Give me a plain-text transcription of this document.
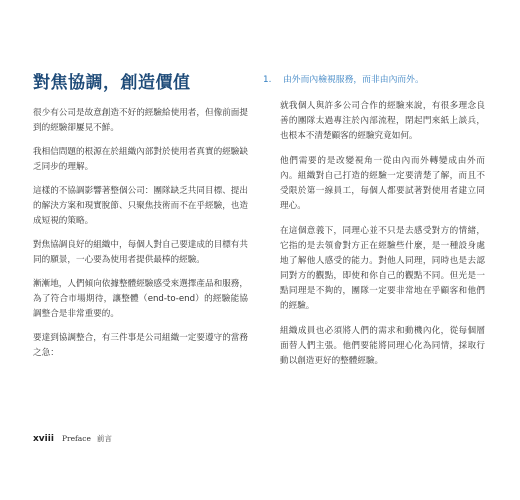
對焦協調，創造價值

很少有公司是故意創造不好的經驗給使用者，但像前面提到的經驗卻屢見不鮮。

我相信問題的根源在於組織內部對於使用者真實的經驗缺乏同步的理解。

這樣的不協調影響著整個公司：團隊缺乏共同目標、提出的解決方案和現實脫節、只聚焦技術而不在乎經驗，也造成短視的策略。

對焦協調良好的組織中，每個人對自己要達成的目標有共同的願景，一心要為使用者提供最棒的經驗。

漸漸地，人們傾向依據整體經驗感受來選擇產品和服務，為了符合市場期待，讓整體（end-to-end）的經驗能協調整合是非常重要的。

要達到協調整合，有三件事是公司組織一定要遵守的當務之急：

1.	由外而內檢視服務，而非由內而外。

就我個人與許多公司合作的經驗來說，有很多理念良善的團隊太過專注於內部流程，閉起門來紙上談兵，也根本不清楚顧客的經驗究竟如何。

他們需要的是改變視角一從由內而外轉變成由外而內。組織對自己打造的經驗一定要清楚了解，而且不受限於第一線員工，每個人都要試著對使用者建立同理心。

在這個意義下，同理心並不只是去感受對方的情緒，它指的是去領會對方正在經驗些什麼，是一種設身處地了解他人感受的能力。對他人同理，同時也是去認同對方的觀點，即使和你自己的觀點不同。但光是一點同理是不夠的，團隊一定要非常地在乎顧客和他們的經驗。

組織成員也必須將人們的需求和動機內化，從每個層面替人們主張。他們要能將同理心化為同情，採取行動以創造更好的整體經驗。

xviii Preface 前言
